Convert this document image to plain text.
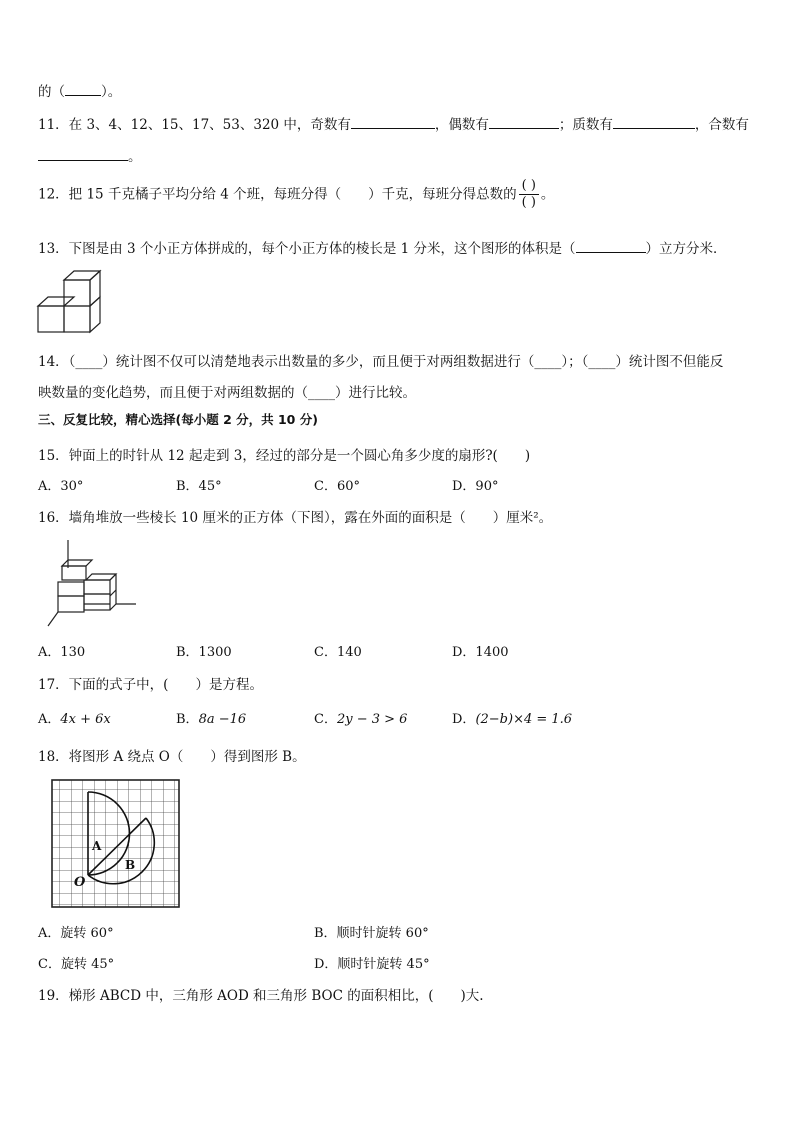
的（	）。
11．在 3、4、12、15、17、53、320 中，奇数有	，偶数有	；质数有	，合数有
。
12．把 15 千克橘子平均分给 4 个班，每班分得（　　）千克，每班分得总数的 $\frac{( )}{( )}$ 。
13．下图是由 3 个小正方体拼成的，每个小正方体的棱长是 1 分米，这个图形的体积是（	）立方分米．
14．（____）统计图不仅可以清楚地表示出数量的多少，而且便于对两组数据进行（____）；（____）统计图不但能反
映数量的变化趋势，而且便于对两组数据的（____）进行比较。
三、反复比较，精心选择(每小题 2 分，共 10 分)
15．钟面上的时针从 12 起走到 3，经过的部分是一个圆心角多少度的扇形?(　　)
A．30°	B．45°	C．60°	D．90°
16．墙角堆放一些棱长 10 厘米的正方体（下图），露在外面的面积是（　　）厘米²。
A．130	B．1300	C．140	D．1400
17．下面的式子中，(　　）是方程。
A．4x + 6x	B．8a −16	C．2y − 3 > 6	D．(2−b)×4 = 1.6
18．将图形 A 绕点 O（　　）得到图形 B。
A
B
O
A．旋转 60°	B．顺时针旋转 60°
C．旋转 45°	D．顺时针旋转 45°
19．梯形 ABCD 中，三角形 AOD 和三角形 BOC 的面积相比，(　　)大.
